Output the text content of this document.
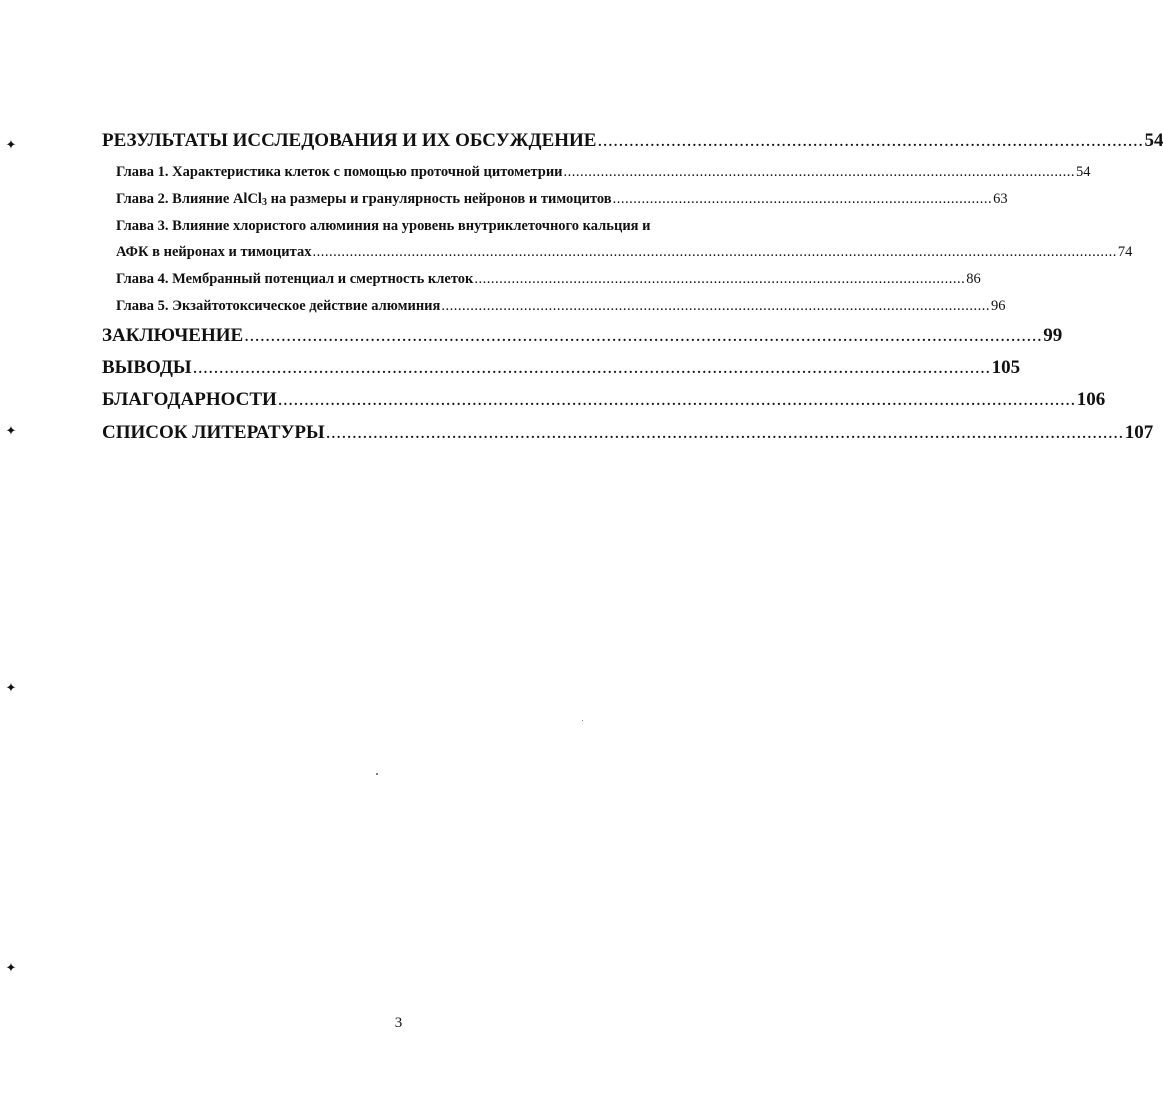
РЕЗУЛЬТАТЫ ИССЛЕДОВАНИЯ И ИХ ОБСУЖДЕНИЕ ........................................................................................................ 54
Глава 1. Характеристика клеток с помощью проточной цитометрии ............................................................................................................................ 54
Глава 2. Влияние AlCl$_3$ на размеры и гранулярность нейронов и тимоцитов ............................................................................................ 63
Глава 3. Влияние хлористого алюминия на уровень внутриклеточного кальция и
АФК в нейронах и тимоцитах ................................................................................................................................................................................................... 74
Глава 4. Мембранный потенциал и смертность клеток ....................................................................................................................... 86
Глава 5. Экзайтотоксическое действие алюминия ..................................................................................................................................... 96
ЗАКЛЮЧЕНИЕ ........................................................................................................................................................ 99
ВЫВОДЫ ........................................................................................................................................................ 105
БЛАГОДАРНОСТИ ........................................................................................................................................................ 106
СПИСОК ЛИТЕРАТУРЫ ........................................................................................................................................................ 107
✦
✦
✦
✦
3
